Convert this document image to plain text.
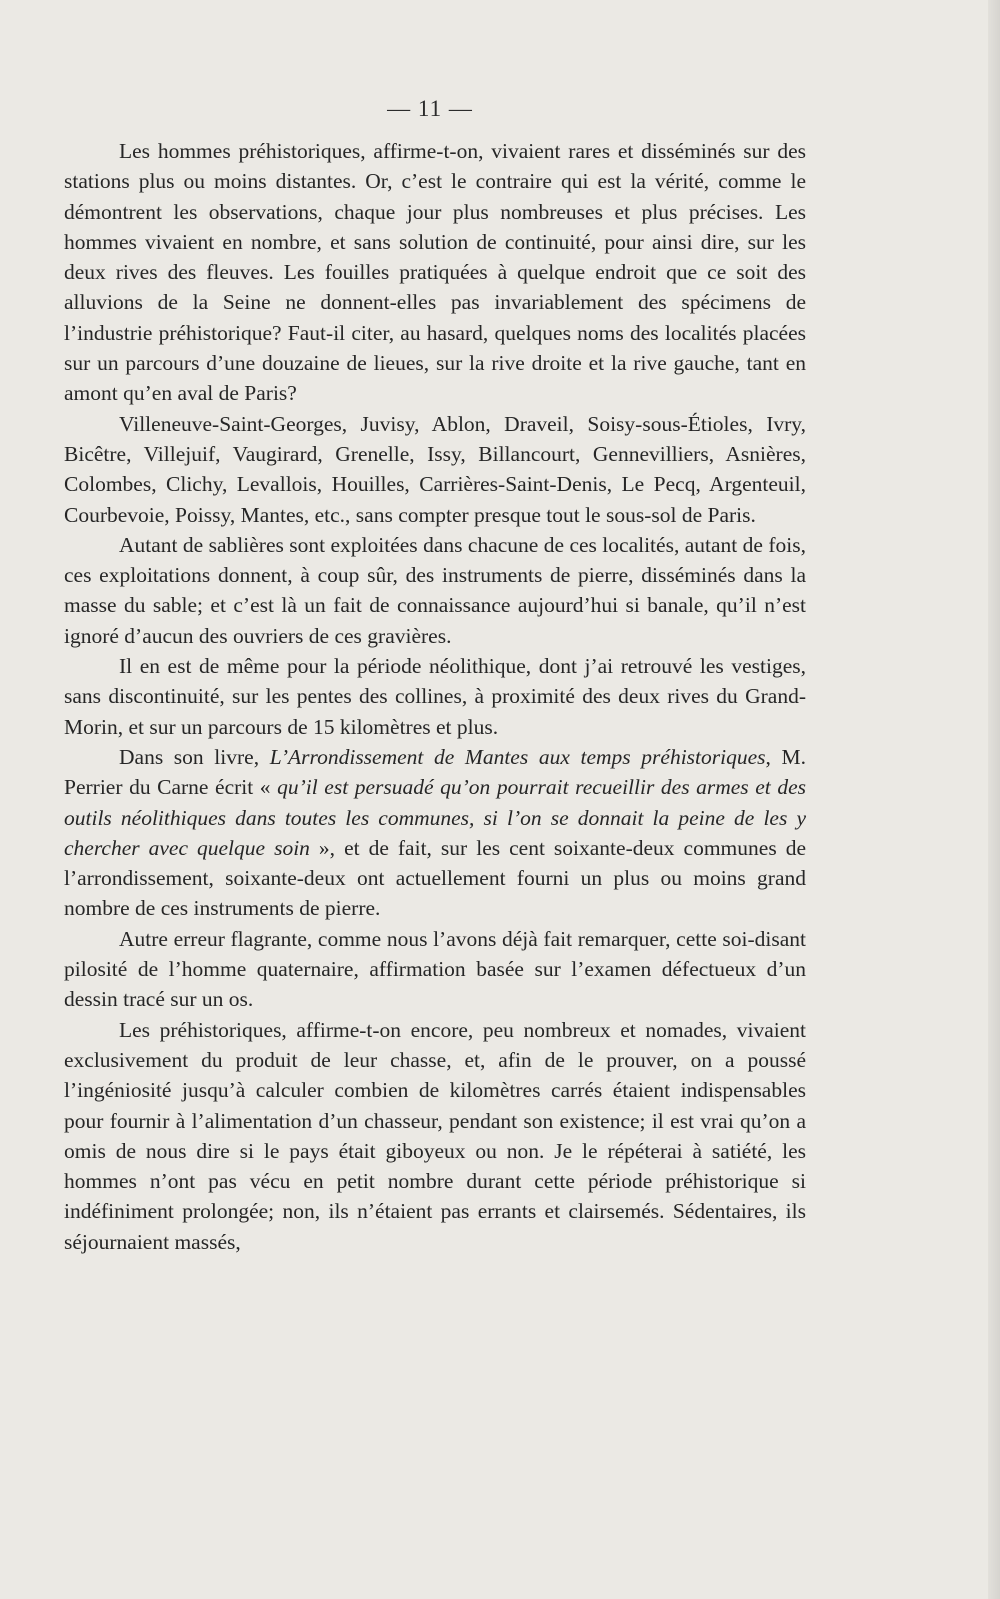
— 11 —

Les hommes préhistoriques, affirme-t-on, vivaient rares et disséminés sur des stations plus ou moins distantes. Or, c’est le contraire qui est la vérité, comme le démontrent les observations, chaque jour plus nombreuses et plus précises. Les hommes vivaient en nombre, et sans solution de continuité, pour ainsi dire, sur les deux rives des fleuves. Les fouilles pratiquées à quelque endroit que ce soit des alluvions de la Seine ne donnent-elles pas invariablement des spécimens de l’industrie préhistorique? Faut-il citer, au hasard, quelques noms des localités placées sur un parcours d’une douzaine de lieues, sur la rive droite et la rive gauche, tant en amont qu’en aval de Paris?

Villeneuve-Saint-Georges, Juvisy, Ablon, Draveil, Soisy-sous-Étioles, Ivry, Bicêtre, Villejuif, Vaugirard, Grenelle, Issy, Billancourt, Gennevilliers, Asnières, Colombes, Clichy, Levallois, Houilles, Carrières-Saint-Denis, Le Pecq, Argenteuil, Courbevoie, Poissy, Mantes, etc., sans compter presque tout le sous-sol de Paris.

Autant de sablières sont exploitées dans chacune de ces localités, autant de fois, ces exploitations donnent, à coup sûr, des instruments de pierre, disséminés dans la masse du sable; et c’est là un fait de connaissance aujourd’hui si banale, qu’il n’est ignoré d’aucun des ouvriers de ces gravières.

Il en est de même pour la période néolithique, dont j’ai retrouvé les vestiges, sans discontinuité, sur les pentes des collines, à proximité des deux rives du Grand-Morin, et sur un parcours de 15 kilomètres et plus.

Dans son livre, L’Arrondissement de Mantes aux temps préhistoriques, M. Perrier du Carne écrit « qu’il est persuadé qu’on pourrait recueillir des armes et des outils néolithiques dans toutes les communes, si l’on se donnait la peine de les y chercher avec quelque soin », et de fait, sur les cent soixante-deux communes de l’arrondissement, soixante-deux ont actuellement fourni un plus ou moins grand nombre de ces instruments de pierre.

Autre erreur flagrante, comme nous l’avons déjà fait remarquer, cette soi-disant pilosité de l’homme quaternaire, affirmation basée sur l’examen défectueux d’un dessin tracé sur un os.

Les préhistoriques, affirme-t-on encore, peu nombreux et nomades, vivaient exclusivement du produit de leur chasse, et, afin de le prouver, on a poussé l’ingéniosité jusqu’à calculer combien de kilomètres carrés étaient indispensables pour fournir à l’alimentation d’un chasseur, pendant son existence; il est vrai qu’on a omis de nous dire si le pays était giboyeux ou non. Je le répéterai à satiété, les hommes n’ont pas vécu en petit nombre durant cette période préhistorique si indéfiniment prolongée; non, ils n’étaient pas errants et clairsemés. Sédentaires, ils séjournaient massés,
